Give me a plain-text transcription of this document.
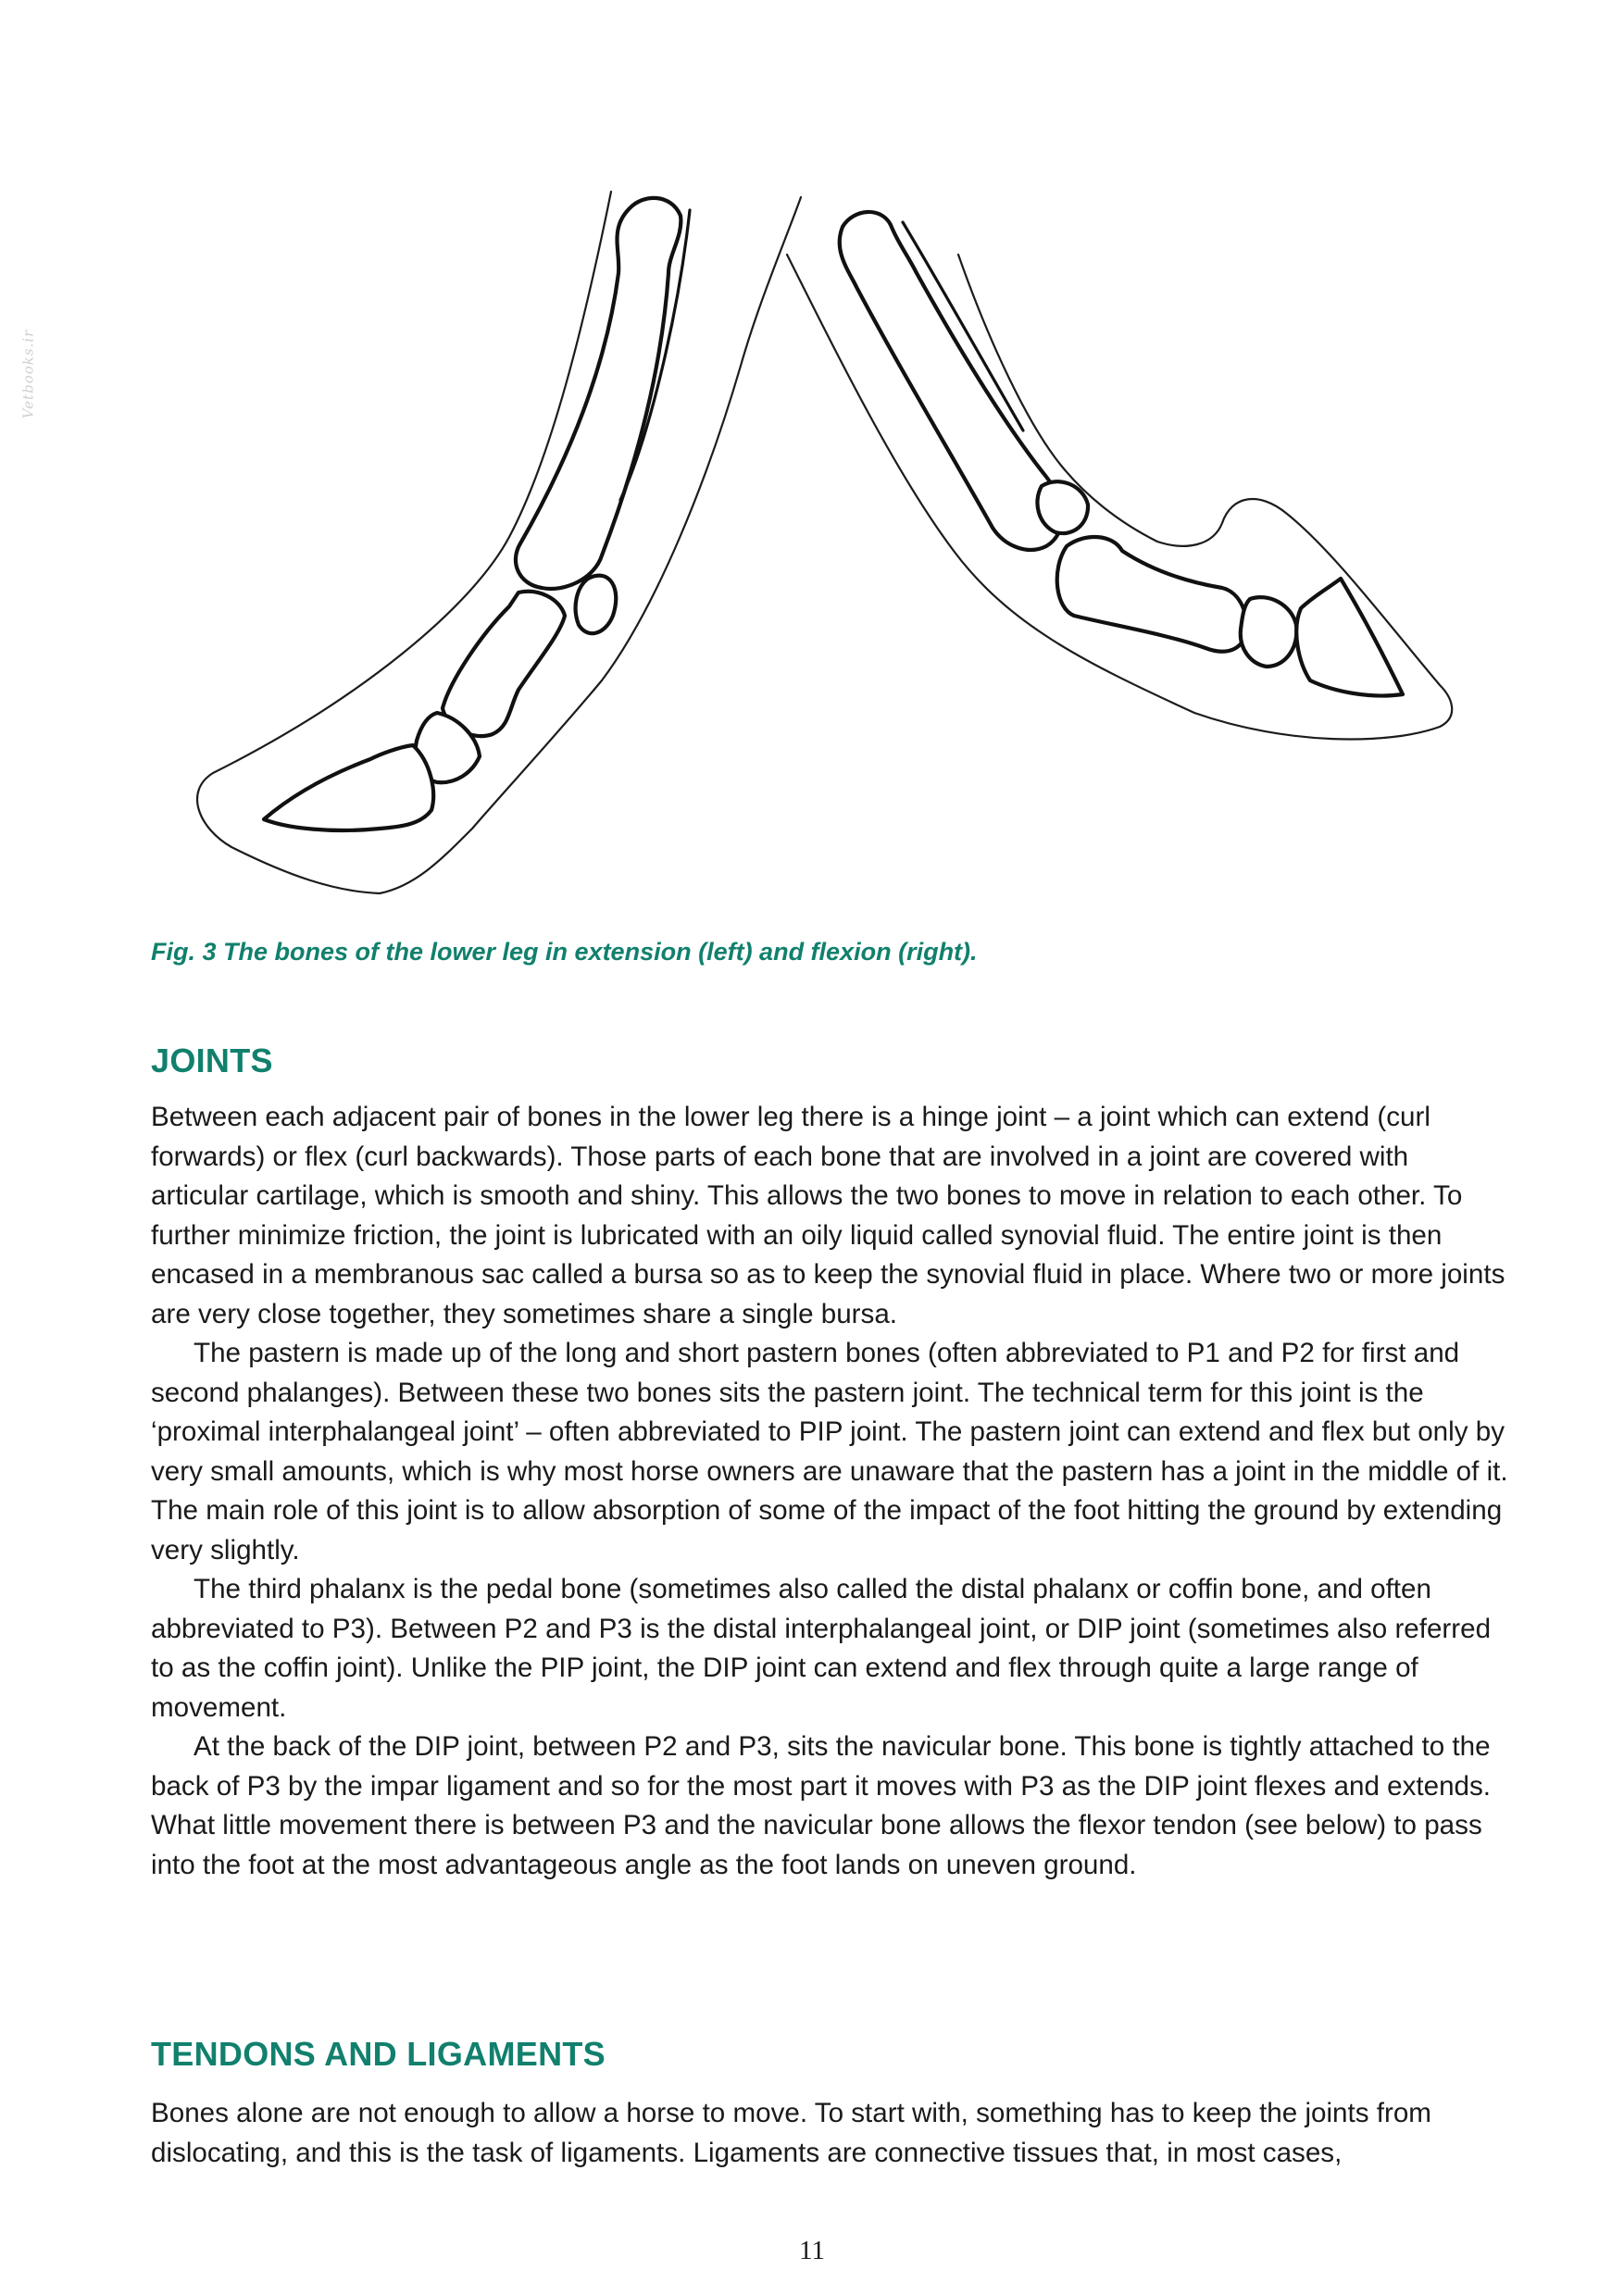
Vetbooks.ir

Fig. 3 The bones of the lower leg in extension (left) and flexion (right).

JOINTS

Between each adjacent pair of bones in the lower leg there is a hinge joint – a joint which can extend (curl forwards) or flex (curl backwards). Those parts of each bone that are involved in a joint are covered with articular cartilage, which is smooth and shiny. This allows the two bones to move in relation to each other. To further minimize friction, the joint is lubricated with an oily liquid called synovial fluid. The entire joint is then encased in a membranous sac called a bursa so as to keep the synovial fluid in place. Where two or more joints are very close together, they sometimes share a single bursa.

The pastern is made up of the long and short pastern bones (often abbreviated to P1 and P2 for first and second phalanges). Between these two bones sits the pastern joint. The technical term for this joint is the ‘proximal interphalangeal joint’ – often abbreviated to PIP joint. The pastern joint can extend and flex but only by very small amounts, which is why most horse owners are unaware that the pastern has a joint in the middle of it. The main role of this joint is to allow absorption of some of the impact of the foot hitting the ground by extending very slightly.

The third phalanx is the pedal bone (sometimes also called the distal phalanx or coffin bone, and often abbreviated to P3). Between P2 and P3 is the distal interphalangeal joint, or DIP joint (sometimes also referred to as the coffin joint). Unlike the PIP joint, the DIP joint can extend and flex through quite a large range of movement.

At the back of the DIP joint, between P2 and P3, sits the navicular bone. This bone is tightly attached to the back of P3 by the impar ligament and so for the most part it moves with P3 as the DIP joint flexes and extends. What little movement there is between P3 and the navicular bone allows the flexor tendon (see below) to pass into the foot at the most advantageous angle as the foot lands on uneven ground.

TENDONS AND LIGAMENTS

Bones alone are not enough to allow a horse to move. To start with, something has to keep the joints from dislocating, and this is the task of ligaments. Ligaments are connective tissues that, in most cases,

11
